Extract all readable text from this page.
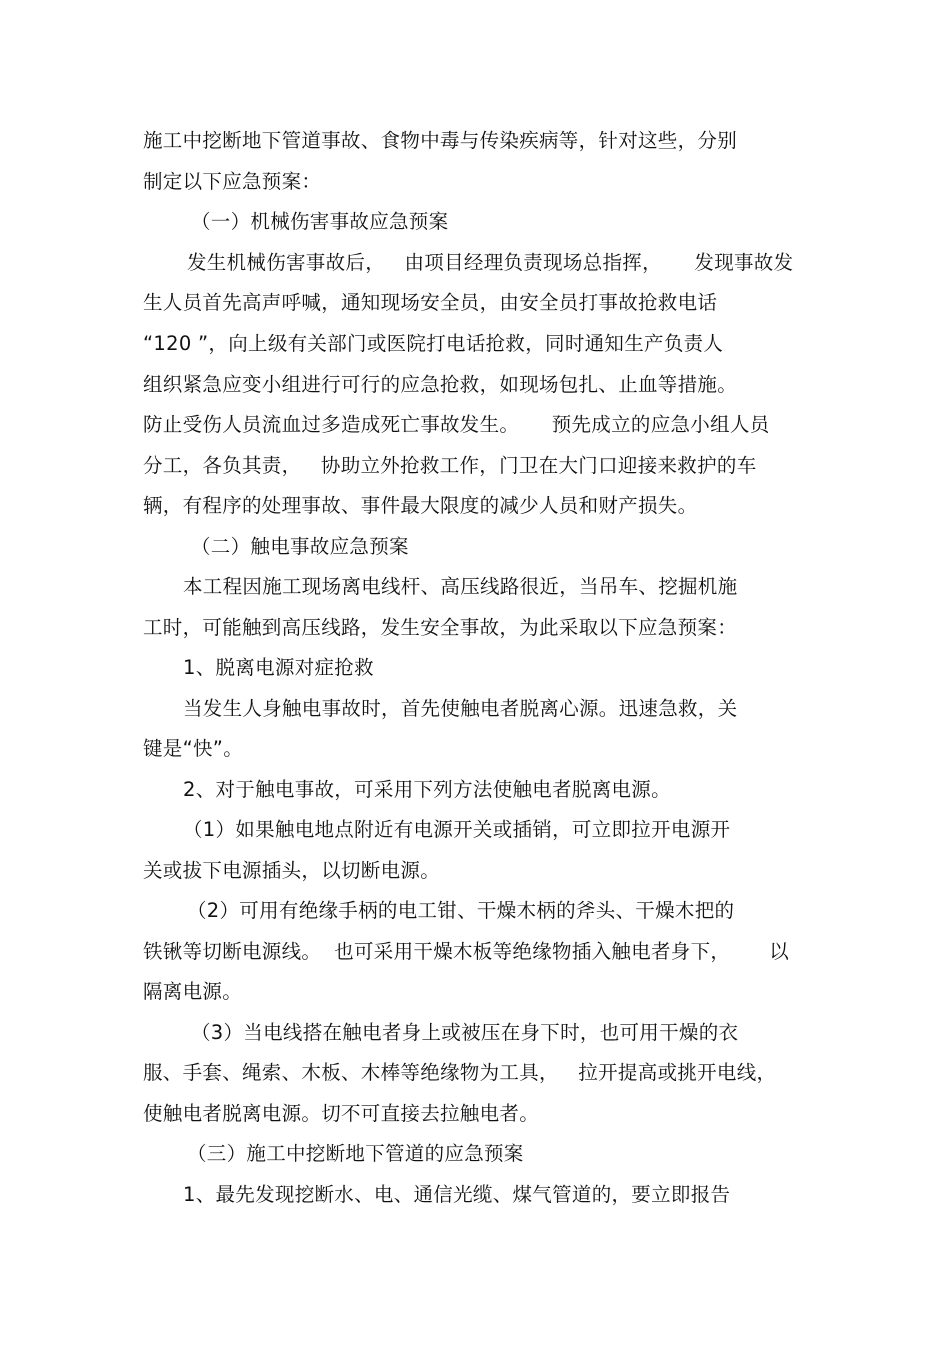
施工中挖断地下管道事故、食物中毒与传染疾病等，针对这些，分别
制定以下应急预案：
（一）机械伤害事故应急预案
发生机械伤害事故后，   由项目经理负责现场总指挥，     发现事故发
生人员首先高声呼喊，通知现场安全员，由安全员打事故抢救电话
“120 ”，向上级有关部门或医院打电话抢救，同时通知生产负责人
组织紧急应变小组进行可行的应急抢救，如现场包扎、止血等措施。
防止受伤人员流血过多造成死亡事故发生。     预先成立的应急小组人员
分工，各负其责，   协助立外抢救工作，门卫在大门口迎接来救护的车
辆，有程序的处理事故、事件最大限度的减少人员和财产损失。
（二）触电事故应急预案
本工程因施工现场离电线杆、高压线路很近，当吊车、挖掘机施
工时，可能触到高压线路，发生安全事故，为此采取以下应急预案：
1、脱离电源对症抢救
当发生人身触电事故时，首先使触电者脱离心源。迅速急救，关
键是“快”。
2、对于触电事故，可采用下列方法使触电者脱离电源。
（1）如果触电地点附近有电源开关或插销，可立即拉开电源开
关或拔下电源插头，以切断电源。
（2）可用有绝缘手柄的电工钳、干燥木柄的斧头、干燥木把的
铁锹等切断电源线。  也可采用干燥木板等绝缘物插入触电者身下，      以
隔离电源。
（3）当电线搭在触电者身上或被压在身下时，也可用干燥的衣
服、手套、绳索、木板、木棒等绝缘物为工具，   拉开提高或挑开电线，
使触电者脱离电源。切不可直接去拉触电者。
（三）施工中挖断地下管道的应急预案
1、最先发现挖断水、电、通信光缆、煤气管道的，要立即报告
